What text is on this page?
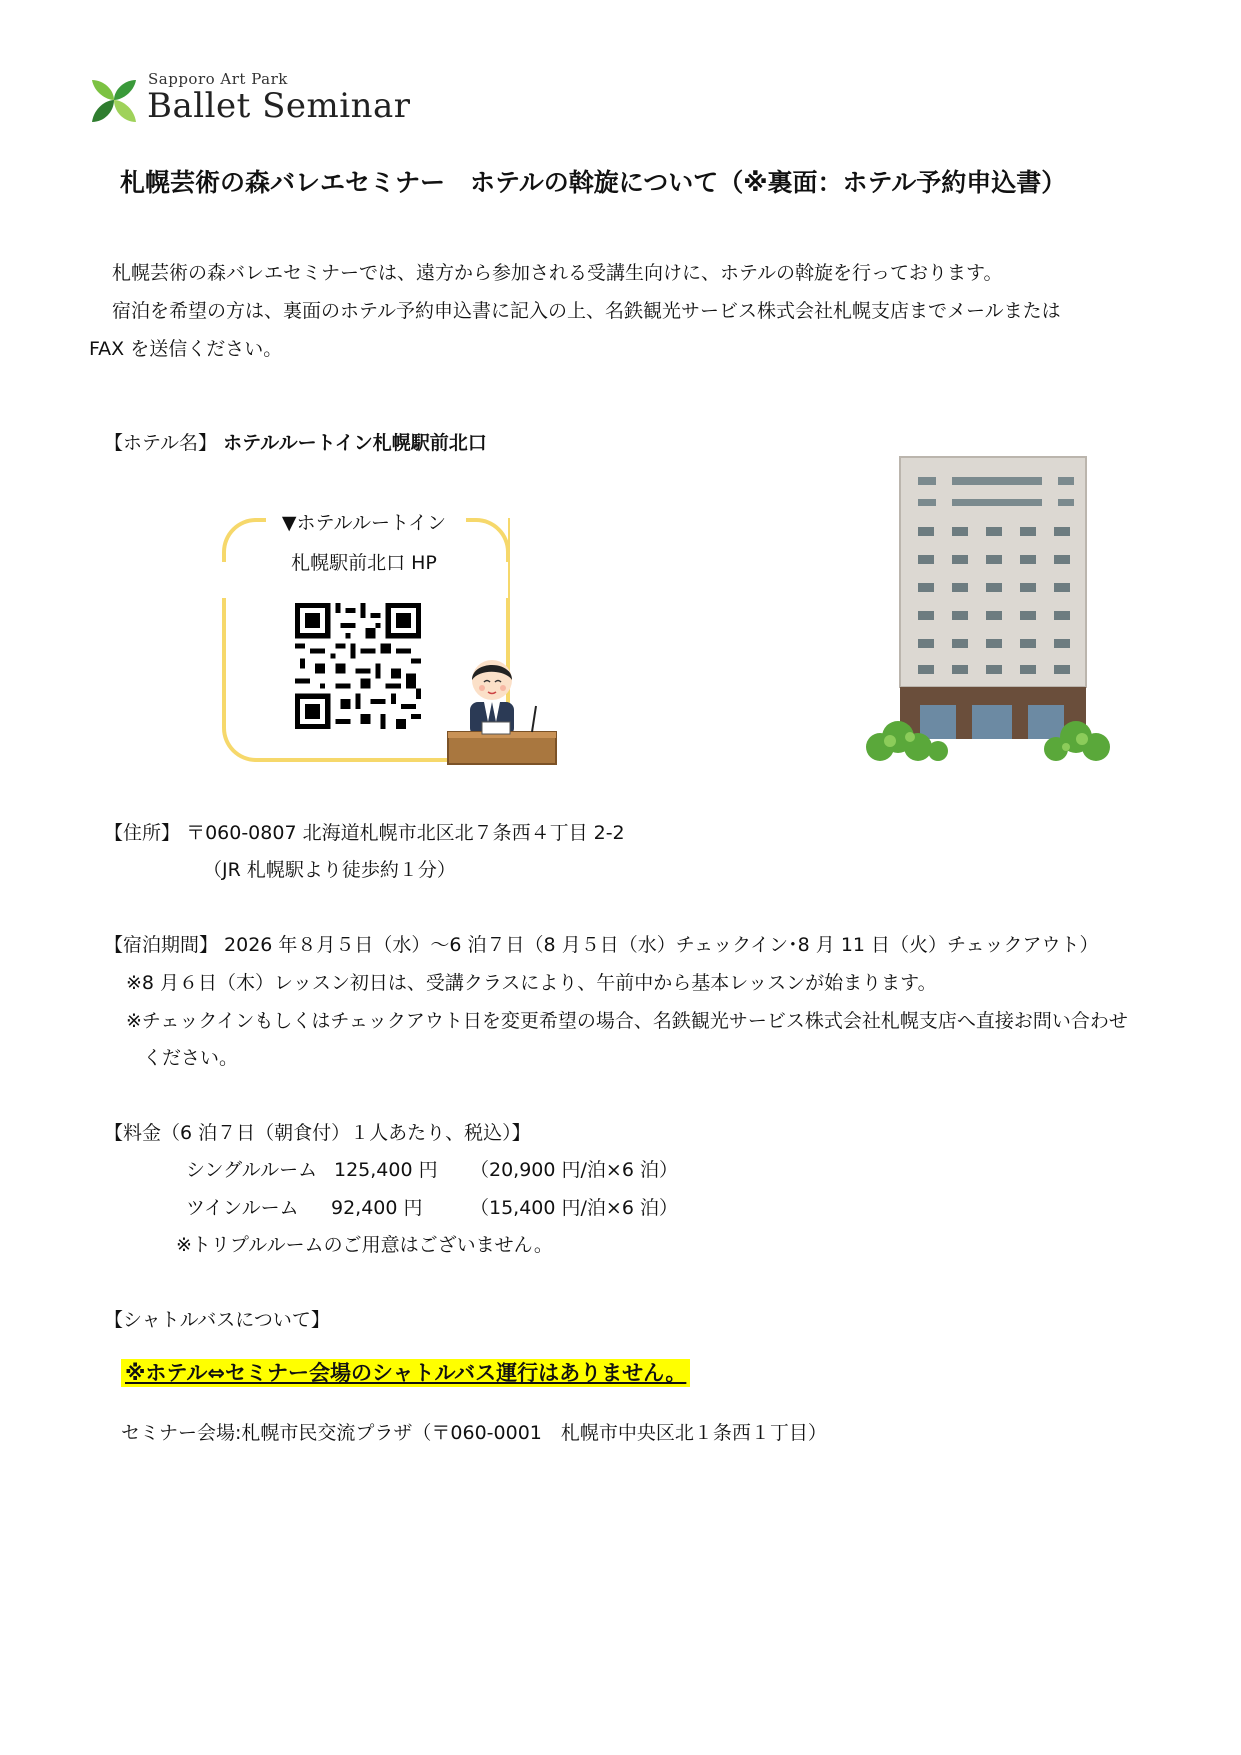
Sapporo Art Park
Ballet Seminar
札幌芸術の森バレエセミナー　ホテルの斡旋について（※裏面：ホテル予約申込書）
札幌芸術の森バレエセミナーでは、遠方から参加される受講生向けに、ホテルの斡旋を行っております。
宿泊を希望の方は、裏面のホテル予約申込書に記入の上、名鉄観光サービス株式会社札幌支店までメールまたは
FAX を送信ください。
【ホテル名】 ホテルルートイン札幌駅前北口
▼ホテルルートイン
札幌駅前北口 HP
【住所】 〒060-0807 北海道札幌市北区北７条西４丁目 2-2
（JR 札幌駅より徒歩約１分）
【宿泊期間】 2026 年８月５日（水）～6 泊７日（8 月５日（水）チェックイン･8 月 11 日（火）チェックアウト）
※8 月６日（木）レッスン初日は、受講クラスにより、午前中から基本レッスンが始まります。
※チェックインもしくはチェックアウト日を変更希望の場合、名鉄観光サービス株式会社札幌支店へ直接お問い合わせ
ください。
【料金（6 泊７日（朝食付）１人あたり、税込）】
シングルルーム 125,400 円 （20,900 円/泊×6 泊）
ツインルーム 92,400 円 （15,400 円/泊×6 泊）
※トリプルルームのご用意はございません。
【シャトルバスについて】
※ホテル⇔セミナー会場のシャトルバス運行はありません。
セミナー会場:札幌市民交流プラザ（〒060-0001　札幌市中央区北１条西１丁目）
